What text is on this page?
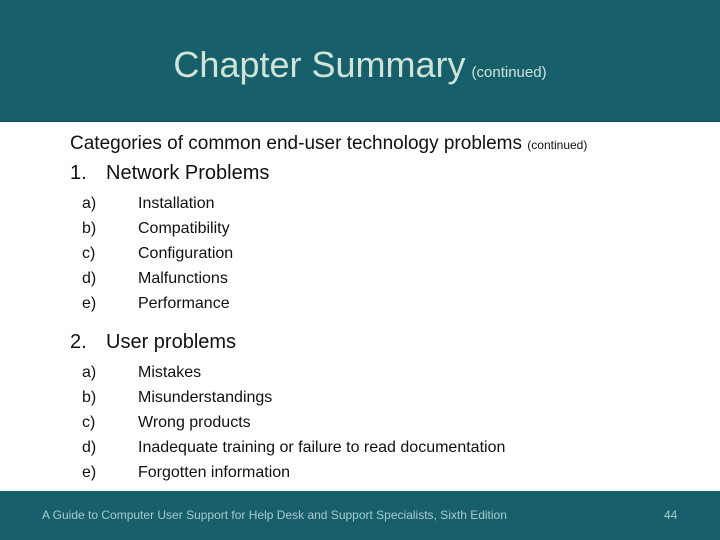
Chapter Summary (continued)
Categories of common end-user technology problems (continued)
1. Network Problems
a)	Installation
b)	Compatibility
c)	Configuration
d)	Malfunctions
e)	Performance
2. User problems
a)	Mistakes
b)	Misunderstandings
c)	Wrong products
d)	Inadequate training or failure to read documentation
e)	Forgotten information
A Guide to Computer User Support for Help Desk and Support Specialists, Sixth Edition	44
